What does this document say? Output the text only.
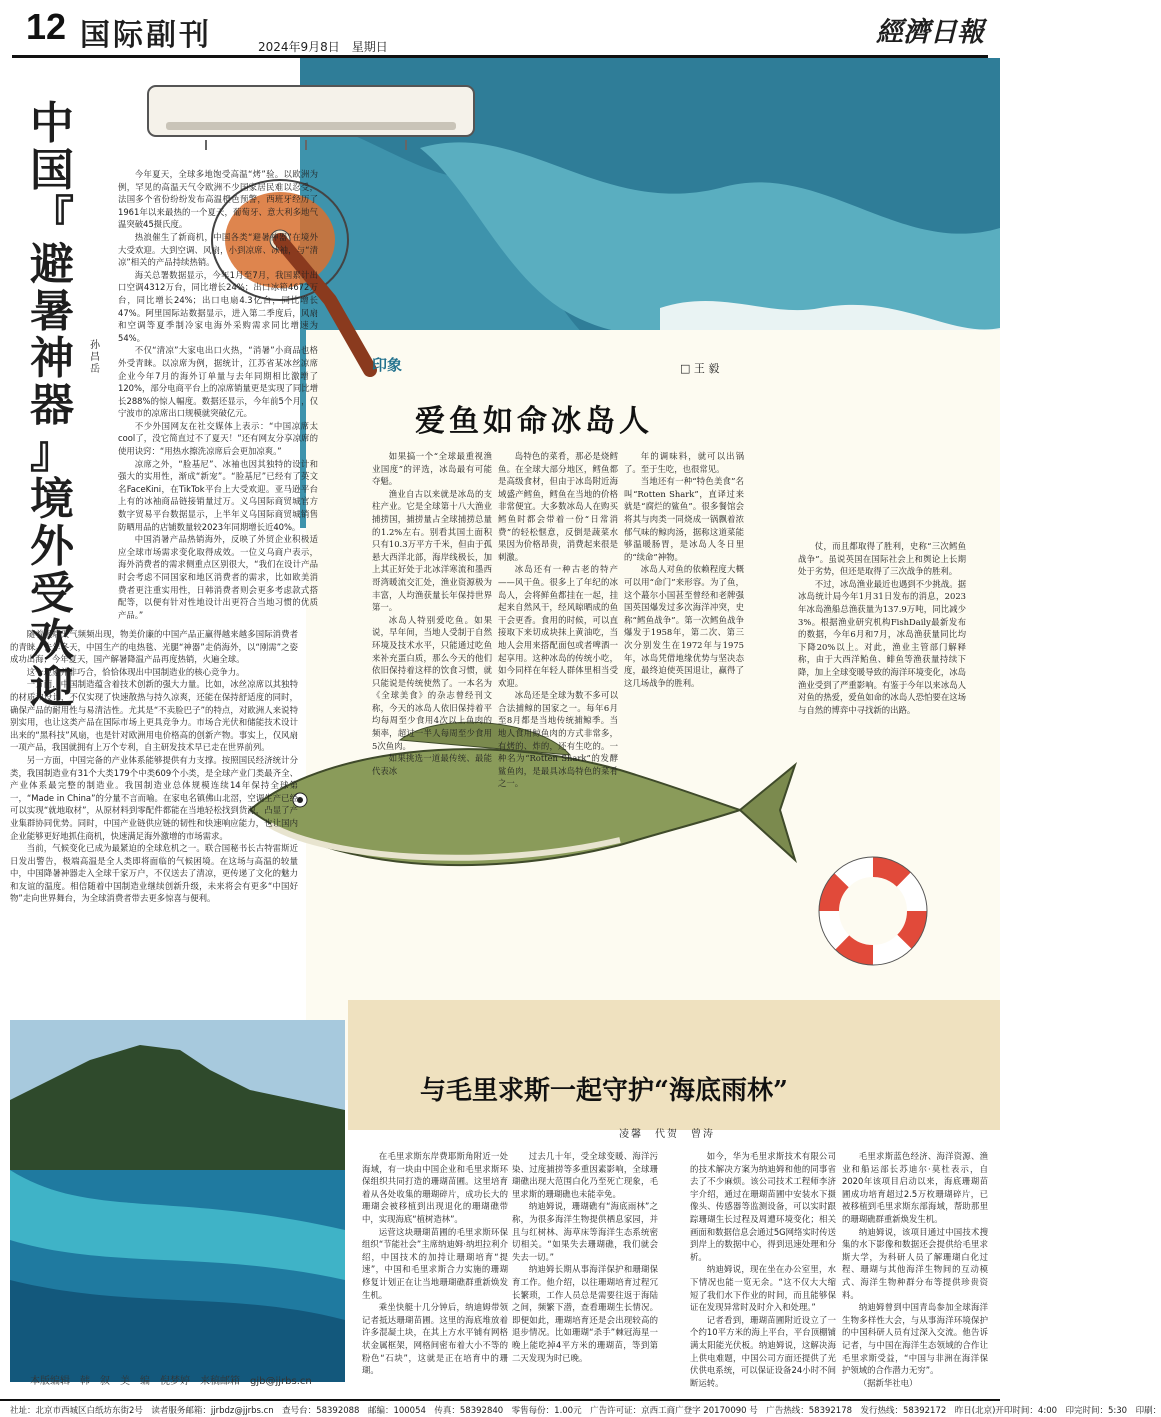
12 国际副刊	2024年9月8日　星期日	經濟日報
中
国
『
避
暑
神
器
』
境
外
受
欢
迎
孙昌岳

今年夏天，全球多地饱受高温“烤”验。以欧洲为例，罕见的高温天气令欧洲不少国家居民难以忍受，法国多个省份纷纷发布高温橙色预警，西班牙经历了1961年以来最热的一个夏天，葡萄牙、意大利多地气温突破45摄氏度。

热浪催生了新商机，中国各类“避暑神器”在境外大受欢迎。大到空调、风扇，小到凉席、冰袖，与“清凉”相关的产品持续热销。

海关总署数据显示，今年1月至7月，我国累计出口空调4312万台，同比增长24%；出口冰箱4672万台，同比增长24%；出口电扇4.3亿台，同比增长47%。阿里国际站数据显示，进入第二季度后，风扇和空调等夏季制冷家电海外采购需求同比增速为54%。

不仅“清凉”大家电出口火热，“消暑”小商品也格外受青睐。以凉席为例，据统计，江苏省某冰丝凉席企业今年7月的海外订单量与去年同期相比激增了120%，部分电商平台上的凉席销量更是实现了同比增长288%的惊人幅度。数据还显示，今年前5个月，仅宁波市的凉席出口规模就突破亿元。

不少外国网友在社交媒体上表示：“中国凉席太cool了，没它简直过不了夏天！”还有网友分享凉席的使用诀窍：“用热水擦洗凉席后会更加凉爽。”

凉席之外，“脸基尼”、冰袖也因其独特的设计和强大的实用性，渐成“新宠”。“脸基尼”已经有了英文名FaceKini，在TikTok平台上大受欢迎。亚马逊平台上有的冰袖商品链接销量过万。义乌国际商贸城官方数字贸易平台数据显示，上半年义乌国际商贸城销售防晒用品的店铺数量较2023年同期增长近40%。

中国消暑产品热销海外，反映了外贸企业积极适应全球市场需求变化取得成效。一位义乌商户表示，海外消费者的需求侧重点区别很大，“我们在设计产品时会考虑不同国家和地区消费者的需求，比如欧美消费者更注重实用性，日韩消费者则会更多考虑款式搭配等，以便有针对性地设计出更符合当地习惯的优质产品。”

随着极端天气频频出现，物美价廉的中国产品正赢得越来越多国际消费者的青睐。去年冬天，中国生产的电热毯、光腿“神器”走俏海外，以“刚需”之姿成功出海；今年夏天，国产解暑降温产品再度热销，火遍全球。

这一现象并非巧合，恰恰体现出中国制造业的核心竞争力。

一方面，中国制造蕴含着技术创新的强大力量。比如，冰丝凉席以其独特的材质和设计，不仅实现了快速散热与持久凉爽，还能在保持舒适度的同时，确保产品的耐用性与易清洁性。尤其是“不卖脸巴子”的特点，对欧洲人来说特别实用，也让这类产品在国际市场上更具竞争力。市场合光伏和储能技术设计出来的“黑科技”风扇，也是针对欧洲用电价格高的创新产物。事实上，仅风扇一项产品，我国就拥有上万个专利，自主研发技术早已走在世界前列。

另一方面，中国完备的产业体系能够提供有力支撑。按照国民经济统计分类，我国制造业有31个大类179个中类609个小类，是全球产业门类最齐全、产业体系最完整的制造业。我国制造业总体规模连续14年保持全球第一，“Made in China”的分量不言而喻。在家电名镇佛山北滘，空调生产已经可以实现“就地取材”，从原材料到零配件都能在当地轻松找到货源，凸显了产业集群协同优势。同时，中国产业链供应链的韧性和快速响应能力，也让国内企业能够更好地抓住商机，快速满足海外激增的市场需求。

当前，气候变化已成为最紧迫的全球危机之一。联合国秘书长古特雷斯近日发出警告，极端高温是全人类即将面临的气候困境。在这场与高温的较量中，中国降暑神器走入全球千家万户，不仅送去了清凉，更传递了文化的魅力和友谊的温度。相信随着中国制造业继续创新升级，未来将会有更多“中国好物”走向世界舞台，为全球消费者带去更多惊喜与便利。

印象	□ 王 毅
爱鱼如命冰岛人

如果搞一个“全球最重视渔业国度”的评选，冰岛最有可能夺魁。

渔业自古以来就是冰岛的支柱产业。它是全球第十八大渔业捕捞国，捕捞量占全球捕捞总量的1.2%左右。别看其国土面积只有10.3万平方千米，但由于孤悬大西洋北部，海岸线极长，加上其正好处于北冰洋寒流和墨西哥湾暖流交汇处，渔业资源极为丰富，人均渔获量长年保持世界第一。

冰岛人特别爱吃鱼。如果说，早年间，当地人受制于自然环境及技术水平，只能通过吃鱼来补充蛋白质，那么今天的他们依旧保持着这样的饮食习惯，就只能说是传统使然了。一本名为《全球美食》的杂志曾经刊文称，今天的冰岛人依旧保持着平均每周至少食用4次以上鱼肉的频率，超过一半人每周至少食用5次鱼肉。

如果挑选一道最传统、最能代表冰

岛特色的菜肴，那必是烧鳕鱼。在全球大部分地区，鳕鱼都是高级食材，但由于冰岛附近海域盛产鳕鱼，鳕鱼在当地的价格非常便宜。大多数冰岛人在购买鳕鱼时都会带着一份“日常消费”的轻松惬意，反倒是蔬菜水果因为价格昂贵，消费起来很是刺激。

冰岛还有一种古老的特产——风干鱼。很多上了年纪的冰岛人，会将鲜鱼都挂在一起，挂起来自然风干，经风晾晒成的鱼干会更香。食用的时候，可以直接取下来切成块抹上黄油吃，当地人会用来搭配面包或者啤酒一起享用。这种冰岛的传统小吃，如今同样在年轻人群体里相当受欢迎。

冰岛还是全球为数不多可以合法捕鲸的国家之一。每年6月至8月都是当地传统捕鲸季。当地人食用鲸鱼肉的方式非常多，有烤的、炸的，还有生吃的。一种名为“Rotten Shark”的发酵鲨鱼肉，是最具冰岛特色的菜肴之一。

年的调味料，就可以出锅了。至于生吃，也很常见。

当地还有一种“特色美食”名叫“Rotten Shark”，直译过来就是“腐烂的鲨鱼”。很多餐馆会将其与肉类一同烧成一锅飘着浓郁气味的鲸肉汤，据称这道菜能够温暖肠胃，是冰岛人冬日里的“续命”神物。

冰岛人对鱼的依赖程度大概可以用“命门”来形容。为了鱼，这个蕞尔小国甚至曾经和老牌强国英国爆发过多次海洋冲突，史称“鳕鱼战争”。第一次鳕鱼战争爆发于1958年，第二次、第三次分别发生在1972年与1975年，冰岛凭借地缘优势与坚决态度，最终迫使英国退让，赢得了这几场战争的胜利。

仗，而且都取得了胜利，史称“三次鳕鱼战争”。虽说英国在国际社会上和舆论上长期处于劣势，但还是取得了三次战争的胜利。

不过，冰岛渔业最近也遇到不少挑战。据冰岛统计局今年1月31日发布的消息，2023年冰岛渔船总渔获量为137.9万吨，同比减少3%。根据渔业研究机构FishDaily最新发布的数据，今年6月和7月，冰岛渔获量同比均下降20%以上。对此，渔业主管部门解释称，由于大西洋鲐鱼、鲱鱼等渔获量持续下降，加上全球变暖导致的海洋环境变化，冰岛渔业受到了严重影响。有鉴于今年以来冰岛人对鱼的热爱，爱鱼如命的冰岛人恐怕要在这场与自然的博弈中寻找新的出路。

与毛里求斯一起守护“海底雨林”
凌馨　代贺　曾涛

在毛里求斯东岸费耶斯角附近一处海域，有一块由中国企业和毛里求斯环保组织共同打造的珊瑚苗圃。这里培育着从各处收集的珊瑚碎片，成功长大的珊瑚会被移植到出现退化的珊瑚礁带中，实现海底“植树造林”。

运营这块珊瑚苗圃的毛里求斯环保组织“节能社会”主席纳迪姆·纳坦拉利介绍，中国技术的加持让珊瑚培育“提速”，中国和毛里求斯合力实施的珊瑚修复计划正在让当地珊瑚礁群重新焕发生机。

乘坐快艇十几分钟后，纳迪姆带领记者抵达珊瑚苗圃。这里的海底堆放着许多混凝土块，在其上方水平铺有网格状金属框架，网格间密布着大小不等的粉色“石块”，这就是正在培育中的珊瑚。

过去几十年，受全球变暖、海洋污染、过度捕捞等多重因素影响，全球珊瑚礁出现大范围白化乃至死亡现象，毛里求斯的珊瑚礁也未能幸免。

纳迪姆说，珊瑚礁有“海底雨林”之称，为很多海洋生物提供栖息家园，并且与红树林、海草床等海洋生态系统密切相关。“如果失去珊瑚礁，我们就会失去一切。”

纳迪姆长期从事海洋保护和珊瑚保育工作。他介绍，以往珊瑚培育过程冗长繁琐，工作人员总是需要往返于海陆之间，频繁下潜，查看珊瑚生长情况。即便如此，珊瑚培育还是会出现较高的退步情况。比如珊瑚“杀手”棘冠海星一晚上能吃掉4平方米的珊瑚苗，等到第二天发现为时已晚。

如今，华为毛里求斯技术有限公司的技术解决方案为纳迪姆和他的同事省去了不少麻烦。该公司技术工程师李济宇介绍，通过在珊瑚苗圃中安装水下摄像头、传感器等监测设备，可以实时跟踪珊瑚生长过程及周遭环境变化；相关画面和数据信息会通过5G网络实时传送到岸上的数据中心，得到迅速处理和分析。

纳迪姆说，现在坐在办公室里，水下情况也能一览无余。“这不仅大大缩短了我们水下作业的时间，而且能够保证在发现异常时及时介入和处理。”

记者看到，珊瑚苗圃附近设立了一个约10平方米的海上平台，平台顶棚铺满太阳能光伏板。纳迪姆说，这解决海上供电难题，中国公司方面还提供了光伏供电系统，可以保证设备24小时不间断运转。

毛里求斯蓝色经济、海洋资源、渔业和船运部长苏迪尔·莫杜表示，自2020年该项目启动以来，海底珊瑚苗圃成功培育超过2.5万枚珊瑚碎片，已被移植到毛里求斯东部海域，帮助那里的珊瑚礁群重新焕发生机。

纳迪姆说，该项目通过中国技术搜集的水下影像和数据还会提供给毛里求斯大学，为科研人员了解珊瑚白化过程、珊瑚与其他海洋生物间的互动模式、海洋生物种群分布等提供珍贵资料。

纳迪姆曾到中国青岛参加全球海洋生物多样性大会，与从事海洋环境保护的中国科研人员有过深入交流。他告诉记者，与中国在海洋生态领域的合作让毛里求斯受益，“中国与非洲在海洋保护领域的合作潜力无穷”。

（据新华社电）

本版编辑　韩　叙　美　编　倪梦婷　来稿邮箱　gjb@jjrbs.cn
社址：北京市西城区白纸坊东街2号　读者服务邮箱：jjrbdz@jjrbs.cn　查号台：58392088　邮编：100054　传真：58392840　零售每份：1.00元　广告许可证：京西工商广登字 20170090 号　广告热线：58392178　发行热线：58392172　昨日(北京)开印时间：4:00　印完时间：5:30　印刷：
